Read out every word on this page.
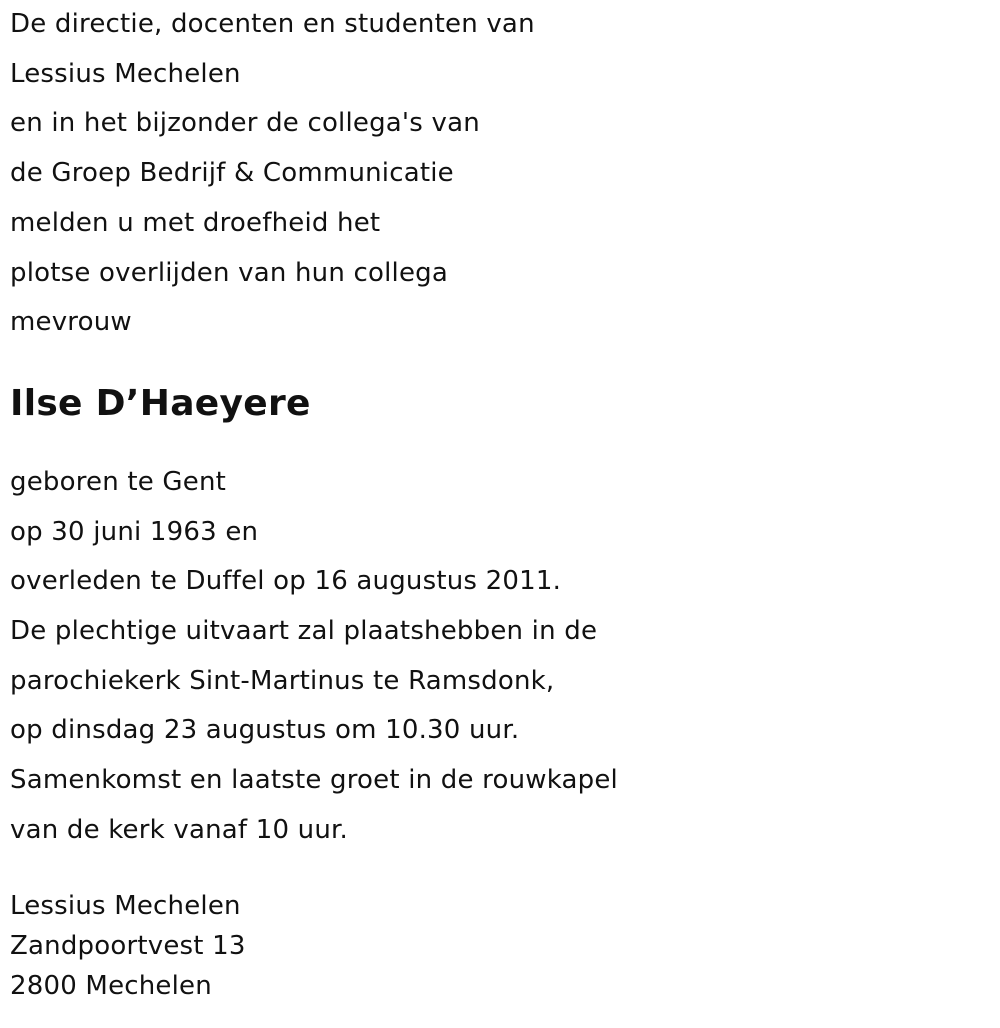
De directie, docenten en studenten van
Lessius Mechelen
en in het bijzonder de collega's van
de Groep Bedrijf & Communicatie
melden u met droefheid het
plotse overlijden van hun collega
mevrouw
Ilse D’Haeyere
geboren te Gent
op 30 juni 1963 en
overleden te Duffel op 16 augustus 2011.
De plechtige uitvaart zal plaatshebben in de
parochiekerk Sint-Martinus te Ramsdonk,
op dinsdag 23 augustus om 10.30 uur.
Samenkomst en laatste groet in de rouwkapel
van de kerk vanaf 10 uur.
Lessius Mechelen
Zandpoortvest 13
2800 Mechelen
